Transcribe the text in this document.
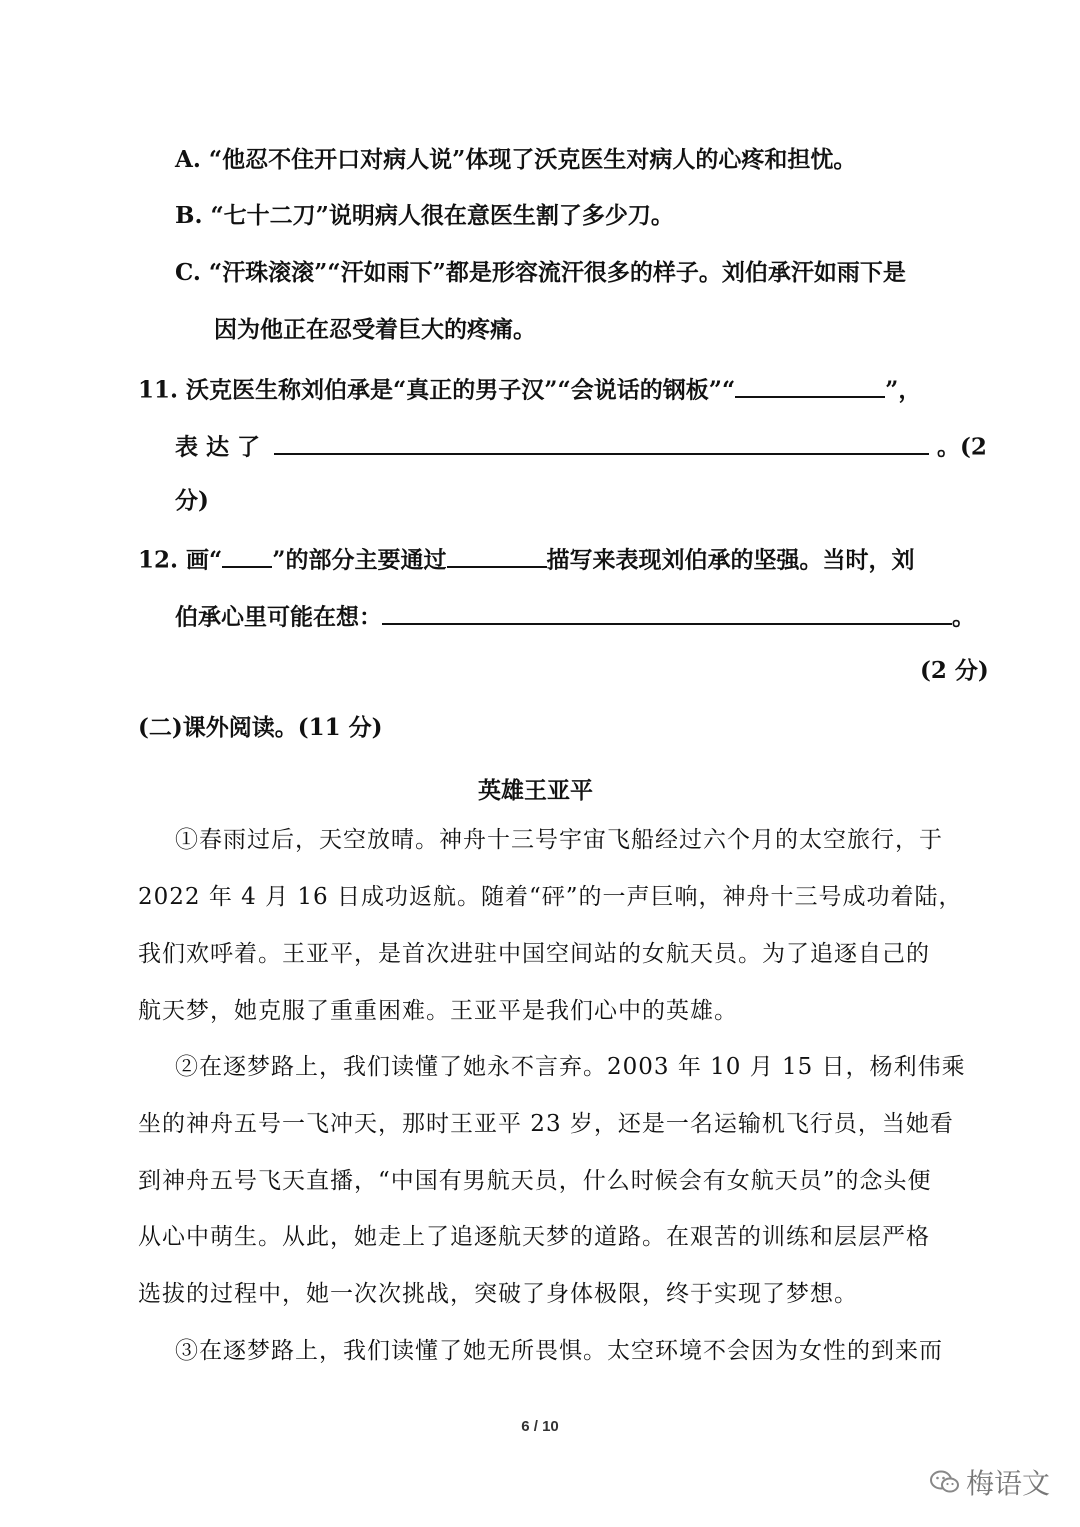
A. “他忍不住开口对病人说”体现了沃克医生对病人的心疼和担忧。
B. “七十二刀”说明病人很在意医生割了多少刀。
C. “汗珠滚滚”“汗如雨下”都是形容流汗很多的样子。刘伯承汗如雨下是
因为他正在忍受着巨大的疼痛。
11. 沃克医生称刘伯承是“真正的男子汉”“会说话的钢板”“	”，
表 达 了	。(2
分)
12. 画“ ”的部分主要通过	描写来表现刘伯承的坚强。当时，刘
伯承心里可能在想：	。
(2 分)
(二)课外阅读。(11 分)
英雄王亚平
①春雨过后，天空放晴。神舟十三号宇宙飞船经过六个月的太空旅行，于
2022 年 4 月 16 日成功返航。随着“砰”的一声巨响，神舟十三号成功着陆，
我们欢呼着。王亚平，是首次进驻中国空间站的女航天员。为了追逐自己的
航天梦，她克服了重重困难。王亚平是我们心中的英雄。
②在逐梦路上，我们读懂了她永不言弃。2003 年 10 月 15 日，杨利伟乘
坐的神舟五号一飞冲天，那时王亚平 23 岁，还是一名运输机飞行员，当她看
到神舟五号飞天直播，“中国有男航天员，什么时候会有女航天员”的念头便
从心中萌生。从此，她走上了追逐航天梦的道路。在艰苦的训练和层层严格
选拔的过程中，她一次次挑战，突破了身体极限，终于实现了梦想。
③在逐梦路上，我们读懂了她无所畏惧。太空环境不会因为女性的到来而
6 / 10
梅语文
